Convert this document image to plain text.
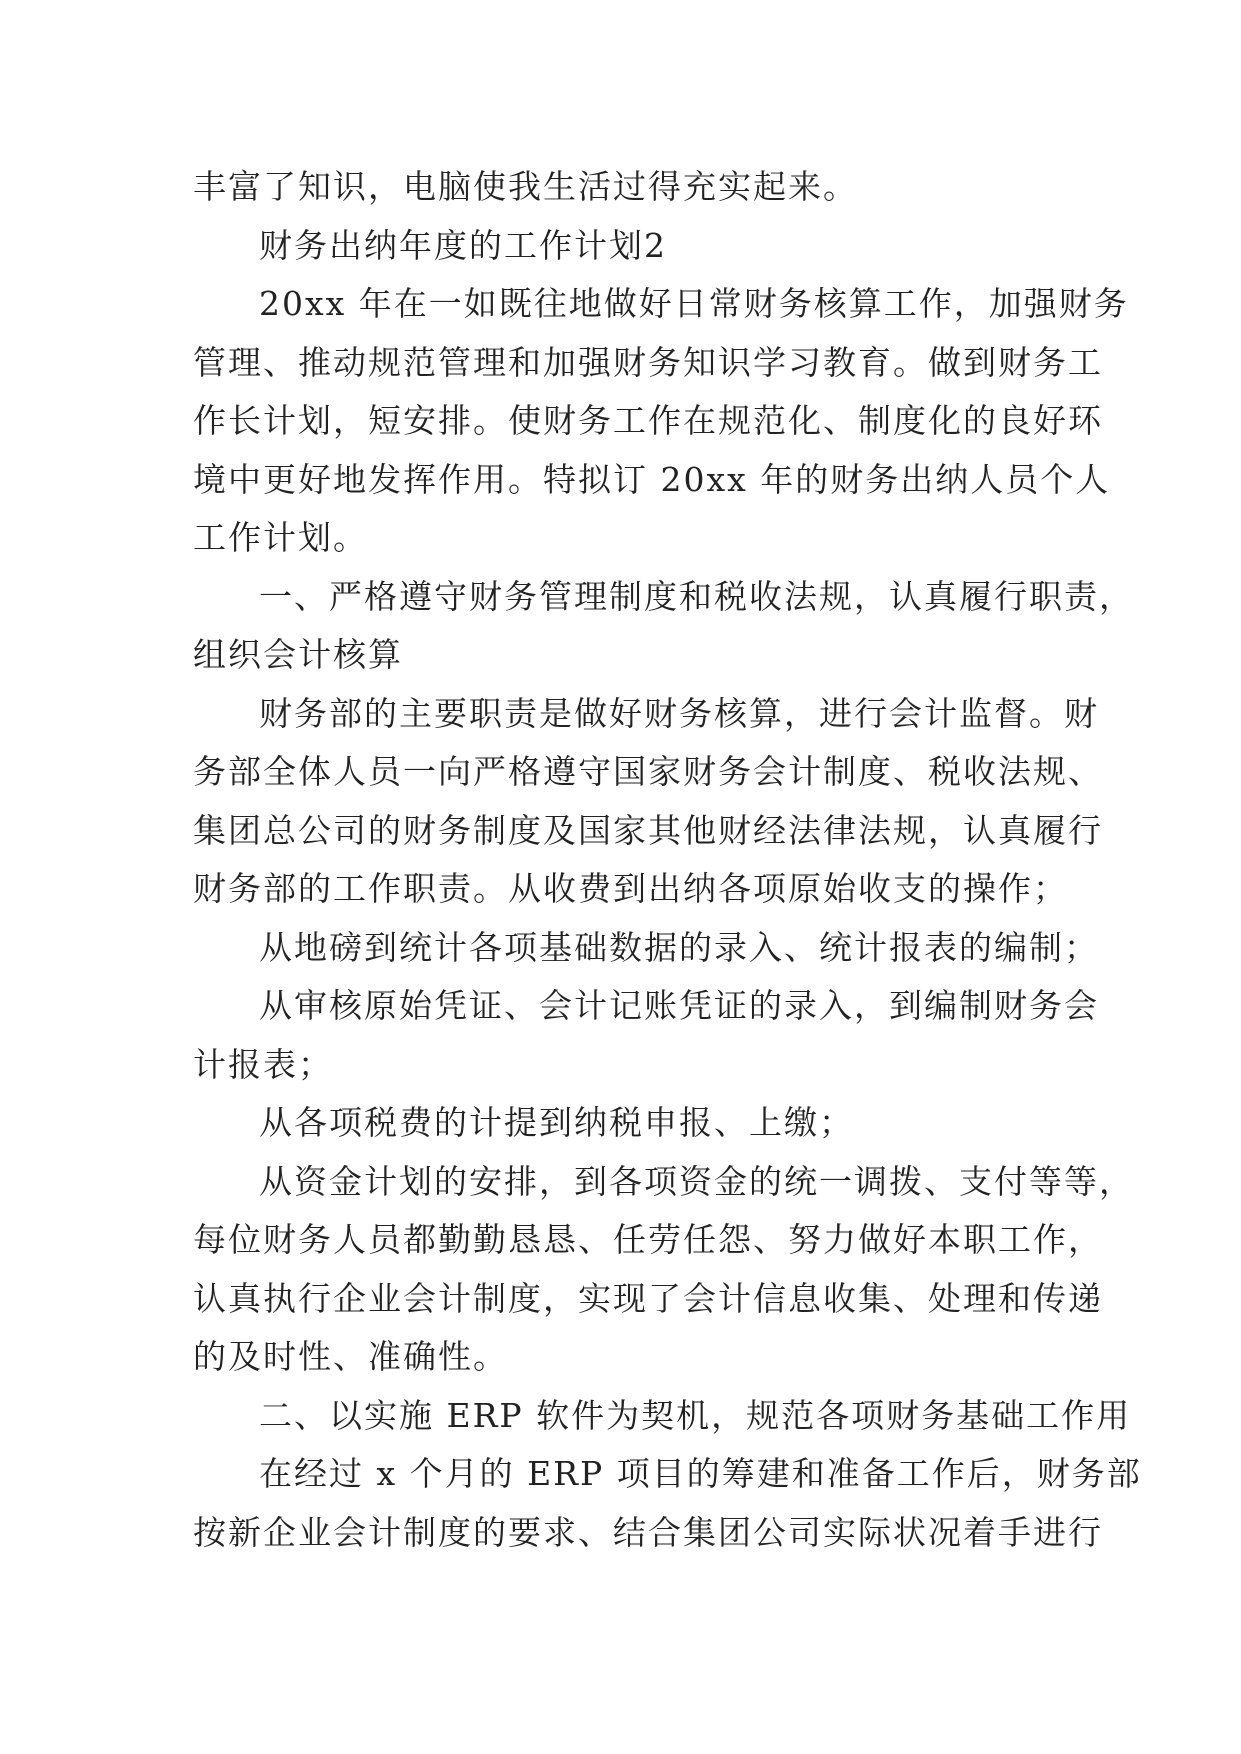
丰富了知识，电脑使我生活过得充实起来。
财务出纳年度的工作计划2
20xx 年在一如既往地做好日常财务核算工作，加强财务
管理、推动规范管理和加强财务知识学习教育。做到财务工
作长计划，短安排。使财务工作在规范化、制度化的良好环
境中更好地发挥作用。特拟订 20xx 年的财务出纳人员个人
工作计划。
一、严格遵守财务管理制度和税收法规，认真履行职责，
组织会计核算
财务部的主要职责是做好财务核算，进行会计监督。财
务部全体人员一向严格遵守国家财务会计制度、税收法规、
集团总公司的财务制度及国家其他财经法律法规，认真履行
财务部的工作职责。从收费到出纳各项原始收支的操作；
从地磅到统计各项基础数据的录入、统计报表的编制；
从审核原始凭证、会计记账凭证的录入，到编制财务会
计报表；
从各项税费的计提到纳税申报、上缴；
从资金计划的安排，到各项资金的统一调拨、支付等等，
每位财务人员都勤勤恳恳、任劳任怨、努力做好本职工作，
认真执行企业会计制度，实现了会计信息收集、处理和传递
的及时性、准确性。
二、以实施 ERP 软件为契机，规范各项财务基础工作用
在经过 x 个月的 ERP 项目的筹建和准备工作后，财务部
按新企业会计制度的要求、结合集团公司实际状况着手进行
